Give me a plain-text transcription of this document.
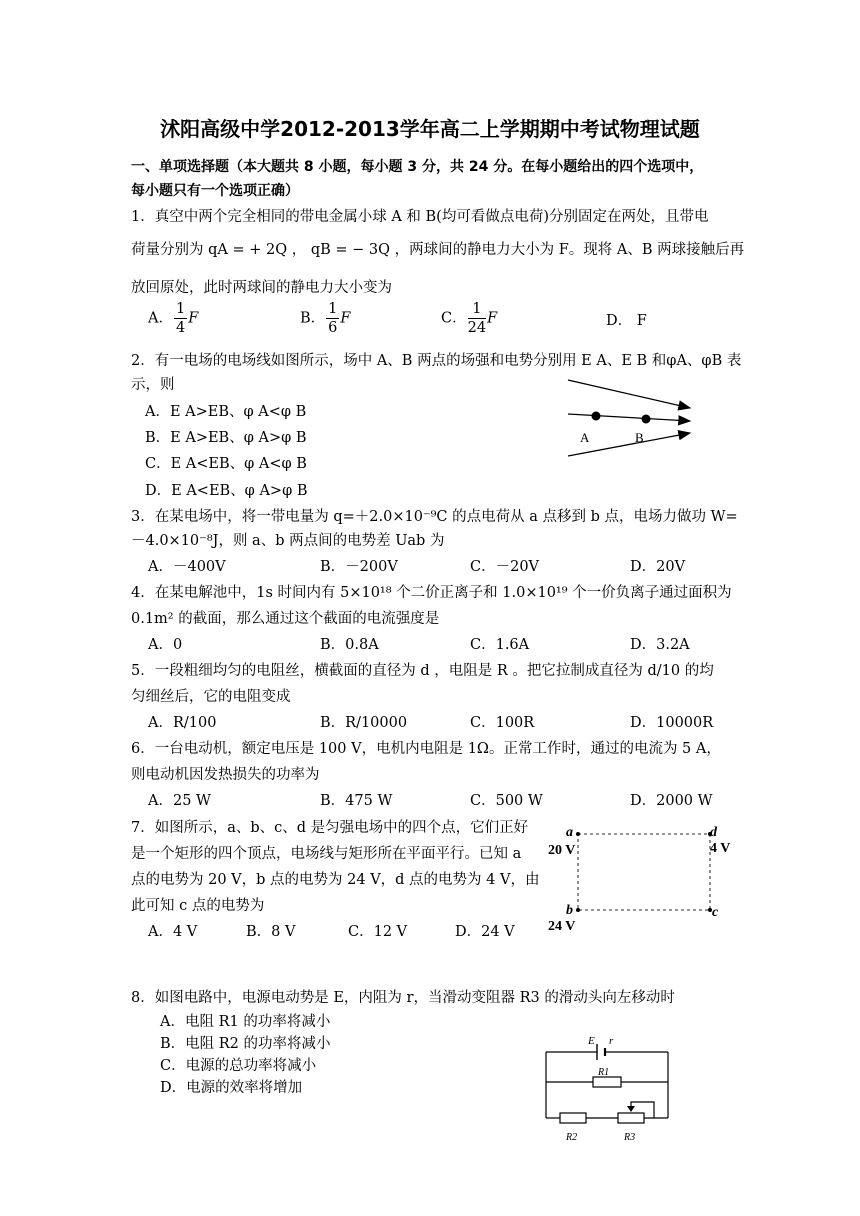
沭阳高级中学2012-2013学年高二上学期期中考试物理试题
一、单项选择题（本大题共 8 小题，每小题 3 分，共 24 分。在每小题给出的四个选项中，
每小题只有一个选项正确）
1．真空中两个完全相同的带电金属小球 A 和 B(均可看做点电荷)分别固定在两处，且带电
荷量分别为 qA = + 2Q ， qB = − 3Q ，两球间的静电力大小为 F。现将 A、B 两球接触后再
放回原处，此时两球间的静电力大小变为
A． $\frac{1}{4}$ F	B． $\frac{1}{6}$ F	C． $\frac{1}{24}$ F	D． F
2．有一电场的电场线如图所示，场中 A、B 两点的场强和电势分别用 E A、E B 和φA、φB 表
示，则
A．E A>EB、φ A<φ B
B．E A>EB、φ A>φ B
C．E A<EB、φ A<φ B
D．E A<EB、φ A>φ B
A	B
3．在某电场中，将一带电量为 q=＋2.0×10⁻⁹C 的点电荷从 a 点移到 b 点，电场力做功 W=
－4.0×10⁻⁸J，则 a、b 两点间的电势差 Uab 为
A．－400V	B．－200V	C．－20V	D．20V
4．在某电解池中，1s 时间内有 5×10¹⁸ 个二价正离子和 1.0×10¹⁹ 个一价负离子通过面积为
0.1m² 的截面，那么通过这个截面的电流强度是
A．0	B．0.8A	C．1.6A	D．3.2A
5．一段粗细均匀的电阻丝，横截面的直径为 d ，电阻是 R 。把它拉制成直径为 d/10 的均
匀细丝后，它的电阻变成
A．R/100	B．R/10000	C．100R	D．10000R
6．一台电动机，额定电压是 100 V，电机内电阻是 1Ω。正常工作时，通过的电流为 5 A，
则电动机因发热损失的功率为
A．25 W	B．475 W	C．500 W	D．2000 W
7．如图所示，a、b、c、d 是匀强电场中的四个点，它们正好
是一个矩形的四个顶点，电场线与矩形所在平面平行。已知 a
点的电势为 20 V，b 点的电势为 24 V，d 点的电势为 4 V，由
此可知 c 点的电势为
A．4 V	B．8 V	C．12 V	D．24 V
a
20 V
d
4 V
b
24 V
c
8．如图电路中，电源电动势是 E，内阻为 r，当滑动变阻器 R3 的滑动头向左移动时
A．电阻 R1 的功率将减小
B．电阻 R2 的功率将减小
C．电源的总功率将减小
D．电源的效率将增加
E r
R1
R2	R3
